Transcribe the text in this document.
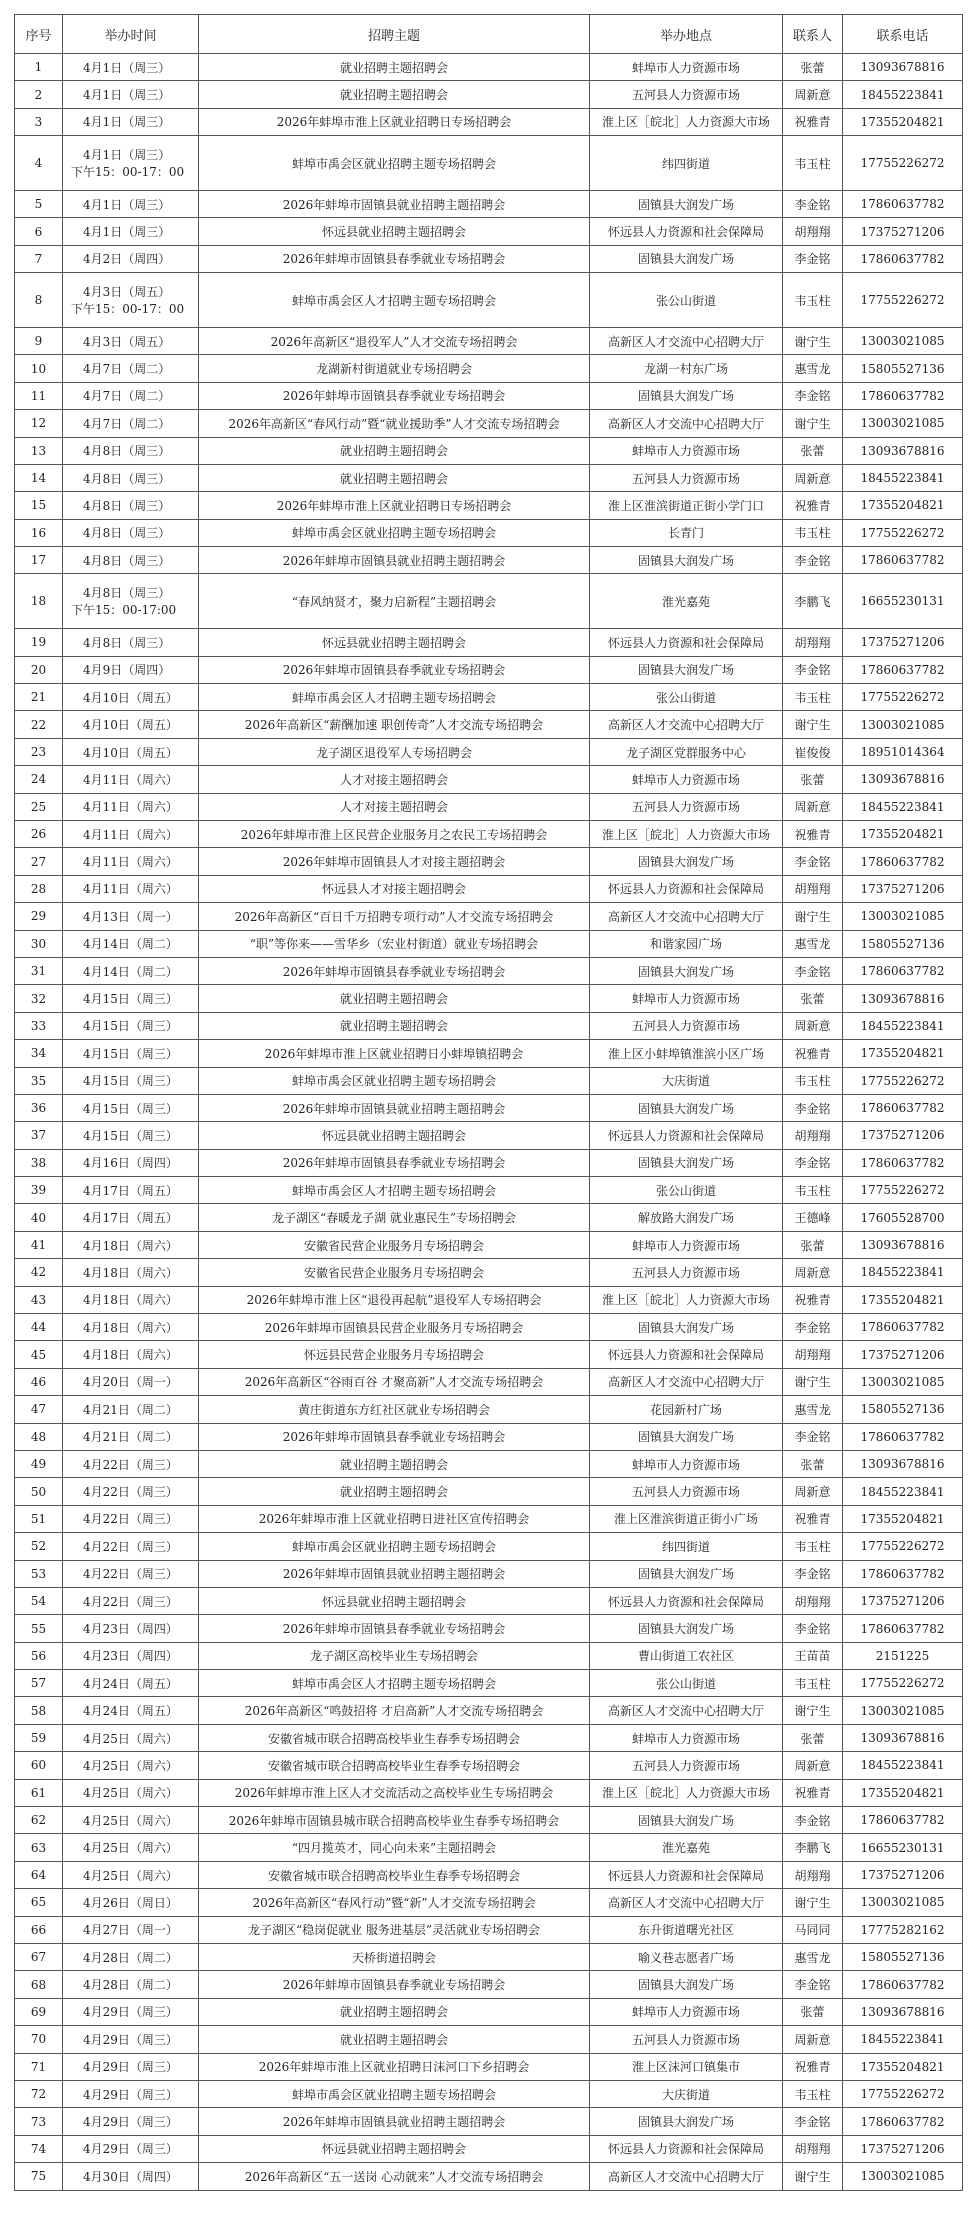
序号	举办时间	招聘主题	举办地点	联系人	联系电话
1	4月1日（周三）	就业招聘主题招聘会	蚌埠市人力资源市场	张蕾	13093678816
2	4月1日（周三）	就业招聘主题招聘会	五河县人力资源市场	周新意	18455223841
3	4月1日（周三）	2026年蚌埠市淮上区就业招聘日专场招聘会	淮上区［皖北］人力资源大市场	祝雅青	17355204821
4	4月1日（周三）
下午15：00-17：00	蚌埠市禹会区就业招聘主题专场招聘会	纬四街道	韦玉柱	17755226272
5	4月1日（周三）	2026年蚌埠市固镇县就业招聘主题招聘会	固镇县大润发广场	李金铭	17860637782
6	4月1日（周三）	怀远县就业招聘主题招聘会	怀远县人力资源和社会保障局	胡翔翔	17375271206
7	4月2日（周四）	2026年蚌埠市固镇县春季就业专场招聘会	固镇县大润发广场	李金铭	17860637782
8	4月3日（周五）
下午15：00-17：00	蚌埠市禹会区人才招聘主题专场招聘会	张公山街道	韦玉柱	17755226272
9	4月3日（周五）	2026年高新区“退役军人”人才交流专场招聘会	高新区人才交流中心招聘大厅	谢宁生	13003021085
10	4月7日（周二）	龙湖新村街道就业专场招聘会	龙湖一村东广场	惠雪龙	15805527136
11	4月7日（周二）	2026年蚌埠市固镇县春季就业专场招聘会	固镇县大润发广场	李金铭	17860637782
12	4月7日（周二）	2026年高新区“春风行动”暨“就业援助季”人才交流专场招聘会	高新区人才交流中心招聘大厅	谢宁生	13003021085
13	4月8日（周三）	就业招聘主题招聘会	蚌埠市人力资源市场	张蕾	13093678816
14	4月8日（周三）	就业招聘主题招聘会	五河县人力资源市场	周新意	18455223841
15	4月8日（周三）	2026年蚌埠市淮上区就业招聘日专场招聘会	淮上区淮滨街道正街小学门口	祝雅青	17355204821
16	4月8日（周三）	蚌埠市禹会区就业招聘主题专场招聘会	长青门	韦玉柱	17755226272
17	4月8日（周三）	2026年蚌埠市固镇县就业招聘主题招聘会	固镇县大润发广场	李金铭	17860637782
18	4月8日（周三）
下午15：00-17:00	“春风纳贤才，聚力启新程”主题招聘会	淮光嘉苑	李鹏飞	16655230131
19	4月8日（周三）	怀远县就业招聘主题招聘会	怀远县人力资源和社会保障局	胡翔翔	17375271206
20	4月9日（周四）	2026年蚌埠市固镇县春季就业专场招聘会	固镇县大润发广场	李金铭	17860637782
21	4月10日（周五）	蚌埠市禹会区人才招聘主题专场招聘会	张公山街道	韦玉柱	17755226272
22	4月10日（周五）	2026年高新区“薪酬加速 职创传奇”人才交流专场招聘会	高新区人才交流中心招聘大厅	谢宁生	13003021085
23	4月10日（周五）	龙子湖区退役军人专场招聘会	龙子湖区党群服务中心	崔俊俊	18951014364
24	4月11日（周六）	人才对接主题招聘会	蚌埠市人力资源市场	张蕾	13093678816
25	4月11日（周六）	人才对接主题招聘会	五河县人力资源市场	周新意	18455223841
26	4月11日（周六）	2026年蚌埠市淮上区民营企业服务月之农民工专场招聘会	淮上区［皖北］人力资源大市场	祝雅青	17355204821
27	4月11日（周六）	2026年蚌埠市固镇县人才对接主题招聘会	固镇县大润发广场	李金铭	17860637782
28	4月11日（周六）	怀远县人才对接主题招聘会	怀远县人力资源和社会保障局	胡翔翔	17375271206
29	4月13日（周一）	2026年高新区“百日千万招聘专项行动”人才交流专场招聘会	高新区人才交流中心招聘大厅	谢宁生	13003021085
30	4月14日（周二）	“职”等你来——雪华乡（宏业村街道）就业专场招聘会	和谐家园广场	惠雪龙	15805527136
31	4月14日（周二）	2026年蚌埠市固镇县春季就业专场招聘会	固镇县大润发广场	李金铭	17860637782
32	4月15日（周三）	就业招聘主题招聘会	蚌埠市人力资源市场	张蕾	13093678816
33	4月15日（周三）	就业招聘主题招聘会	五河县人力资源市场	周新意	18455223841
34	4月15日（周三）	2026年蚌埠市淮上区就业招聘日小蚌埠镇招聘会	淮上区小蚌埠镇淮滨小区广场	祝雅青	17355204821
35	4月15日（周三）	蚌埠市禹会区就业招聘主题专场招聘会	大庆街道	韦玉柱	17755226272
36	4月15日（周三）	2026年蚌埠市固镇县就业招聘主题招聘会	固镇县大润发广场	李金铭	17860637782
37	4月15日（周三）	怀远县就业招聘主题招聘会	怀远县人力资源和社会保障局	胡翔翔	17375271206
38	4月16日（周四）	2026年蚌埠市固镇县春季就业专场招聘会	固镇县大润发广场	李金铭	17860637782
39	4月17日（周五）	蚌埠市禹会区人才招聘主题专场招聘会	张公山街道	韦玉柱	17755226272
40	4月17日（周五）	龙子湖区“春暖龙子湖 就业惠民生”专场招聘会	解放路大润发广场	王德峰	17605528700
41	4月18日（周六）	安徽省民营企业服务月专场招聘会	蚌埠市人力资源市场	张蕾	13093678816
42	4月18日（周六）	安徽省民营企业服务月专场招聘会	五河县人力资源市场	周新意	18455223841
43	4月18日（周六）	2026年蚌埠市淮上区“退役再起航”退役军人专场招聘会	淮上区［皖北］人力资源大市场	祝雅青	17355204821
44	4月18日（周六）	2026年蚌埠市固镇县民营企业服务月专场招聘会	固镇县大润发广场	李金铭	17860637782
45	4月18日（周六）	怀远县民营企业服务月专场招聘会	怀远县人力资源和社会保障局	胡翔翔	17375271206
46	4月20日（周一）	2026年高新区“谷雨百谷 才聚高新”人才交流专场招聘会	高新区人才交流中心招聘大厅	谢宁生	13003021085
47	4月21日（周二）	黄庄街道东方红社区就业专场招聘会	花园新村广场	惠雪龙	15805527136
48	4月21日（周二）	2026年蚌埠市固镇县春季就业专场招聘会	固镇县大润发广场	李金铭	17860637782
49	4月22日（周三）	就业招聘主题招聘会	蚌埠市人力资源市场	张蕾	13093678816
50	4月22日（周三）	就业招聘主题招聘会	五河县人力资源市场	周新意	18455223841
51	4月22日（周三）	2026年蚌埠市淮上区就业招聘日进社区宣传招聘会	淮上区淮滨街道正街小广场	祝雅青	17355204821
52	4月22日（周三）	蚌埠市禹会区就业招聘主题专场招聘会	纬四街道	韦玉柱	17755226272
53	4月22日（周三）	2026年蚌埠市固镇县就业招聘主题招聘会	固镇县大润发广场	李金铭	17860637782
54	4月22日（周三）	怀远县就业招聘主题招聘会	怀远县人力资源和社会保障局	胡翔翔	17375271206
55	4月23日（周四）	2026年蚌埠市固镇县春季就业专场招聘会	固镇县大润发广场	李金铭	17860637782
56	4月23日（周四）	龙子湖区高校毕业生专场招聘会	曹山街道工农社区	王苗苗	2151225
57	4月24日（周五）	蚌埠市禹会区人才招聘主题专场招聘会	张公山街道	韦玉柱	17755226272
58	4月24日（周五）	2026年高新区“鸣鼓招将 才启高新”人才交流专场招聘会	高新区人才交流中心招聘大厅	谢宁生	13003021085
59	4月25日（周六）	安徽省城市联合招聘高校毕业生春季专场招聘会	蚌埠市人力资源市场	张蕾	13093678816
60	4月25日（周六）	安徽省城市联合招聘高校毕业生春季专场招聘会	五河县人力资源市场	周新意	18455223841
61	4月25日（周六）	2026年蚌埠市淮上区人才交流活动之高校毕业生专场招聘会	淮上区［皖北］人力资源大市场	祝雅青	17355204821
62	4月25日（周六）	2026年蚌埠市固镇县城市联合招聘高校毕业生春季专场招聘会	固镇县大润发广场	李金铭	17860637782
63	4月25日（周六）	“四月揽英才，同心向未来”主题招聘会	淮光嘉苑	李鹏飞	16655230131
64	4月25日（周六）	安徽省城市联合招聘高校毕业生春季专场招聘会	怀远县人力资源和社会保障局	胡翔翔	17375271206
65	4月26日（周日）	2026年高新区“春风行动”暨“新”人才交流专场招聘会	高新区人才交流中心招聘大厅	谢宁生	13003021085
66	4月27日（周一）	龙子湖区“稳岗促就业 服务进基层”灵活就业专场招聘会	东升街道曙光社区	马同同	17775282162
67	4月28日（周二）	天桥街道招聘会	喻义巷志愿者广场	惠雪龙	15805527136
68	4月28日（周二）	2026年蚌埠市固镇县春季就业专场招聘会	固镇县大润发广场	李金铭	17860637782
69	4月29日（周三）	就业招聘主题招聘会	蚌埠市人力资源市场	张蕾	13093678816
70	4月29日（周三）	就业招聘主题招聘会	五河县人力资源市场	周新意	18455223841
71	4月29日（周三）	2026年蚌埠市淮上区就业招聘日沫河口下乡招聘会	淮上区沫河口镇集市	祝雅青	17355204821
72	4月29日（周三）	蚌埠市禹会区就业招聘主题专场招聘会	大庆街道	韦玉柱	17755226272
73	4月29日（周三）	2026年蚌埠市固镇县就业招聘主题招聘会	固镇县大润发广场	李金铭	17860637782
74	4月29日（周三）	怀远县就业招聘主题招聘会	怀远县人力资源和社会保障局	胡翔翔	17375271206
75	4月30日（周四）	2026年高新区“五一送岗 心动就来”人才交流专场招聘会	高新区人才交流中心招聘大厅	谢宁生	13003021085
